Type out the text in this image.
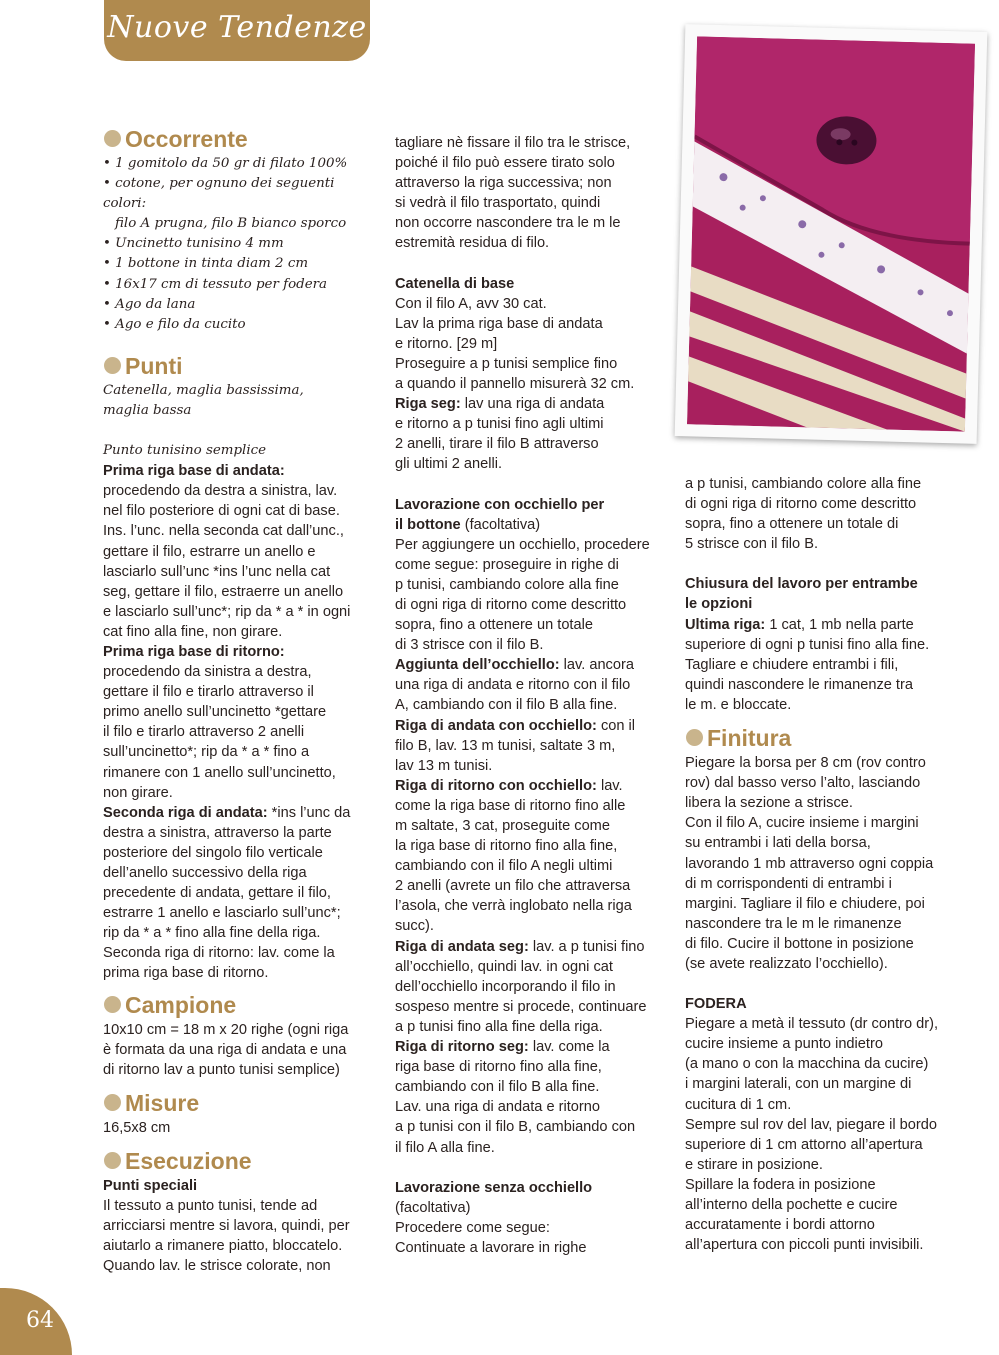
Nuove Tendenze
Occorrente
• 1 gomitolo da 50 gr di filato 100%
• cotone, per ognuno dei seguenti colori:
filo A prugna, filo B bianco sporco
• Uncinetto tunisino 4 mm
• 1 bottone in tinta diam 2 cm
• 16x17 cm di tessuto per fodera
• Ago da lana
• Ago e filo da cucito
Punti

Catenella, maglia bassissima,

maglia bassa

Punto tunisino semplice

Prima riga base di andata:

procedendo da destra a sinistra, lav.

nel filo posteriore di ogni cat di base.

Ins. l’unc. nella seconda cat dall’unc.,

gettare il filo, estrarre un anello e

lasciarlo sull’unc *ins l’unc nella cat

seg, gettare il filo, estraerre un anello

e lasciarlo sull’unc*; rip da * a * in ogni

cat fino alla fine, non girare.

Prima riga base di ritorno:

procedendo da sinistra a destra,

gettare il filo e tirarlo attraverso il

primo anello sull’uncinetto *gettare

il filo e tirarlo attraverso 2 anelli

sull’uncinetto*; rip da * a * fino a

rimanere con 1 anello sull’uncinetto,

non girare.

Seconda riga di andata: *ins l’unc da

destra a sinistra, attraverso la parte

posteriore del singolo filo verticale

dell’anello successivo della riga

precedente di andata, gettare il filo,

estrarre 1 anello e lasciarlo sull’unc*;

rip da * a * fino alla fine della riga.

Seconda riga di ritorno: lav. come la

prima riga base di ritorno.

Campione

10x10 cm = 18 m x 20 righe (ogni riga

è formata da una riga di andata e una

di ritorno lav a punto tunisi semplice)

Misure

16,5x8 cm

Esecuzione

Punti speciali

Il tessuto a punto tunisi, tende ad

arricciarsi mentre si lavora, quindi, per

aiutarlo a rimanere piatto, bloccatelo.

Quando lav. le strisce colorate, non

tagliare nè fissare il filo tra le strisce,

poiché il filo può essere tirato solo

attraverso la riga successiva; non

si vedrà il filo trasportato, quindi

non occorre nascondere tra le m le

estremità residua di filo.

Catenella di base

Con il filo A, avv 30 cat.

Lav la prima riga base di andata

e ritorno. [29 m]

Proseguire a p tunisi semplice fino

a quando il pannello misurerà 32 cm.

Riga seg: lav una riga di andata

e ritorno a p tunisi fino agli ultimi

2 anelli, tirare il filo B attraverso

gli ultimi 2 anelli.

Lavorazione con occhiello per

il bottone (facoltativa)

Per aggiungere un occhiello, procedere

come segue: proseguire in righe di

p tunisi, cambiando colore alla fine

di ogni riga di ritorno come descritto

sopra, fino a ottenere un totale

di 3 strisce con il filo B.

Aggiunta dell’occhiello: lav. ancora

una riga di andata e ritorno con il filo

A, cambiando con il filo B alla fine.

Riga di andata con occhiello: con il

filo B, lav. 13 m tunisi, saltate 3 m,

lav 13 m tunisi.

Riga di ritorno con occhiello: lav.

come la riga base di ritorno fino alle

m saltate, 3 cat, proseguite come

la riga base di ritorno fino alla fine,

cambiando con il filo A negli ultimi

2 anelli (avrete un filo che attraversa

l’asola, che verrà inglobato nella riga

succ).

Riga di andata seg: lav. a p tunisi fino

all’occhiello, quindi lav. in ogni cat

dell’occhiello incorporando il filo in

sospeso mentre si procede, continuare

a p tunisi fino alla fine della riga.

Riga di ritorno seg: lav. come la

riga base di ritorno fino alla fine,

cambiando con il filo B alla fine.

Lav. una riga di andata e ritorno

a p tunisi con il filo B, cambiando con

il filo A alla fine.

Lavorazione senza occhiello

(facoltativa)

Procedere come segue:

Continuate a lavorare in righe

a p tunisi, cambiando colore alla fine

di ogni riga di ritorno come descritto

sopra, fino a ottenere un totale di

5 strisce con il filo B.

Chiusura del lavoro per entrambe

le opzioni

Ultima riga: 1 cat, 1 mb nella parte

superiore di ogni p tunisi fino alla fine.

Tagliare e chiudere entrambi i fili,

quindi nascondere le rimanenze tra

le m. e bloccate.

Finitura

Piegare la borsa per 8 cm (rov contro

rov) dal basso verso l’alto, lasciando

libera la sezione a strisce.

Con il filo A, cucire insieme i margini

su entrambi i lati della borsa,

lavorando 1 mb attraverso ogni coppia

di m corrispondenti di entrambi i

margini. Tagliare il filo e chiudere, poi

nascondere tra le m le rimanenze

di filo. Cucire il bottone in posizione

(se avete realizzato l’occhiello).

FODERA

Piegare a metà il tessuto (dr contro dr),

cucire insieme a punto indietro

(a mano o con la macchina da cucire)

i margini laterali, con un margine di

cucitura di 1 cm.

Sempre sul rov del lav, piegare il bordo

superiore di 1 cm attorno all’apertura

e stirare in posizione.

Spillare la fodera in posizione

all’interno della pochette e cucire

accuratamente i bordi attorno

all’apertura con piccoli punti invisibili.

64
